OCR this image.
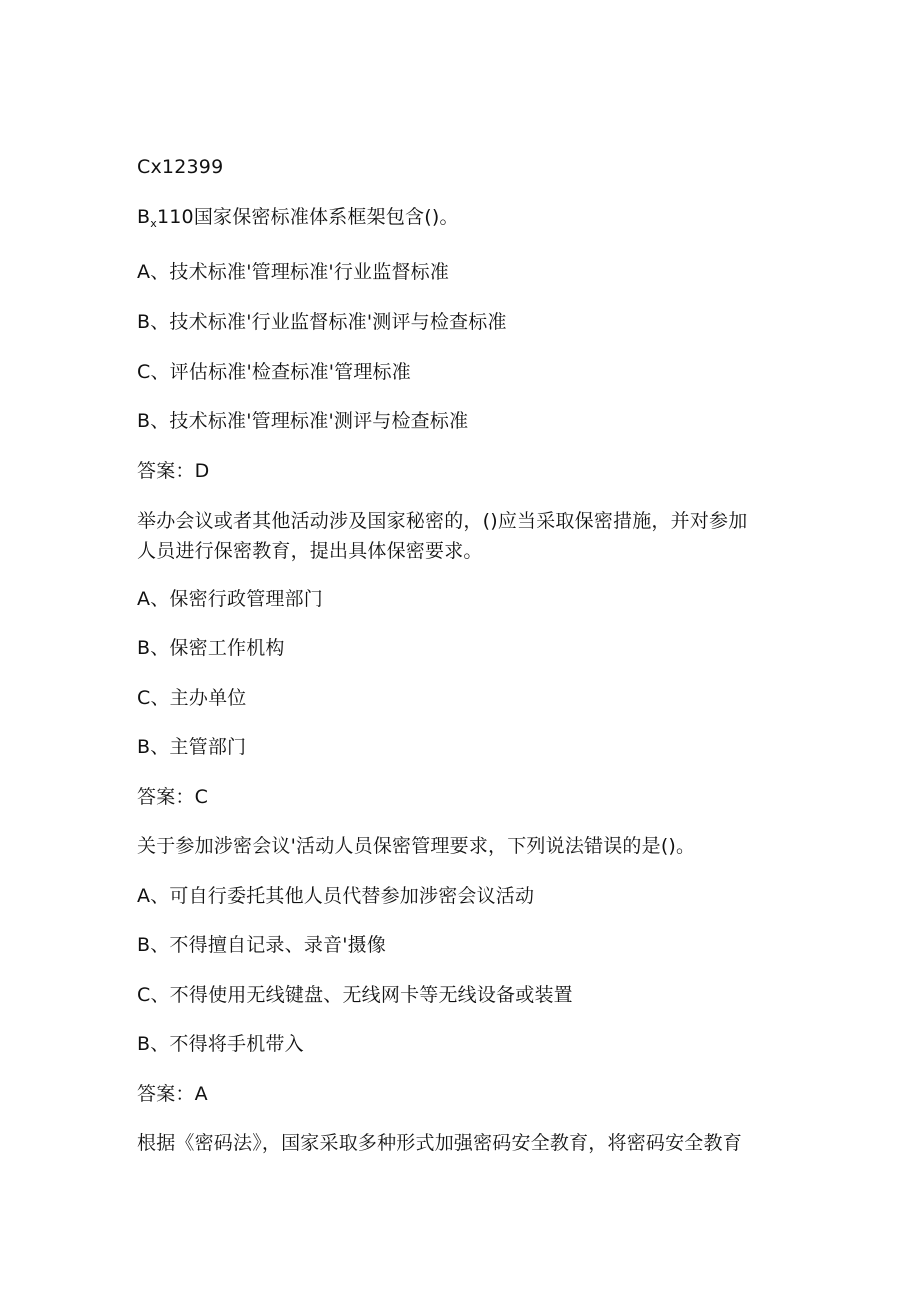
Cx12399
$B_x110$国家保密标准体系框架包含()。
A、技术标准'管理标准'行业监督标准
B、技术标准'行业监督标准'测评与检查标准
C、评估标准'检查标准'管理标准
B、技术标准'管理标准'测评与检查标准
答案：D
举办会议或者其他活动涉及国家秘密的，()应当采取保密措施，并对参加
人员进行保密教育，提出具体保密要求。
A、保密行政管理部门
B、保密工作机构
C、主办单位
B、主管部门
答案：C
关于参加涉密会议'活动人员保密管理要求，下列说法错误的是()。
A、可自行委托其他人员代替参加涉密会议活动
B、不得擅自记录、录音'摄像
C、不得使用无线键盘、无线网卡等无线设备或装置
B、不得将手机带入
答案：A
根据《密码法》，国家采取多种形式加强密码安全教育，将密码安全教育
